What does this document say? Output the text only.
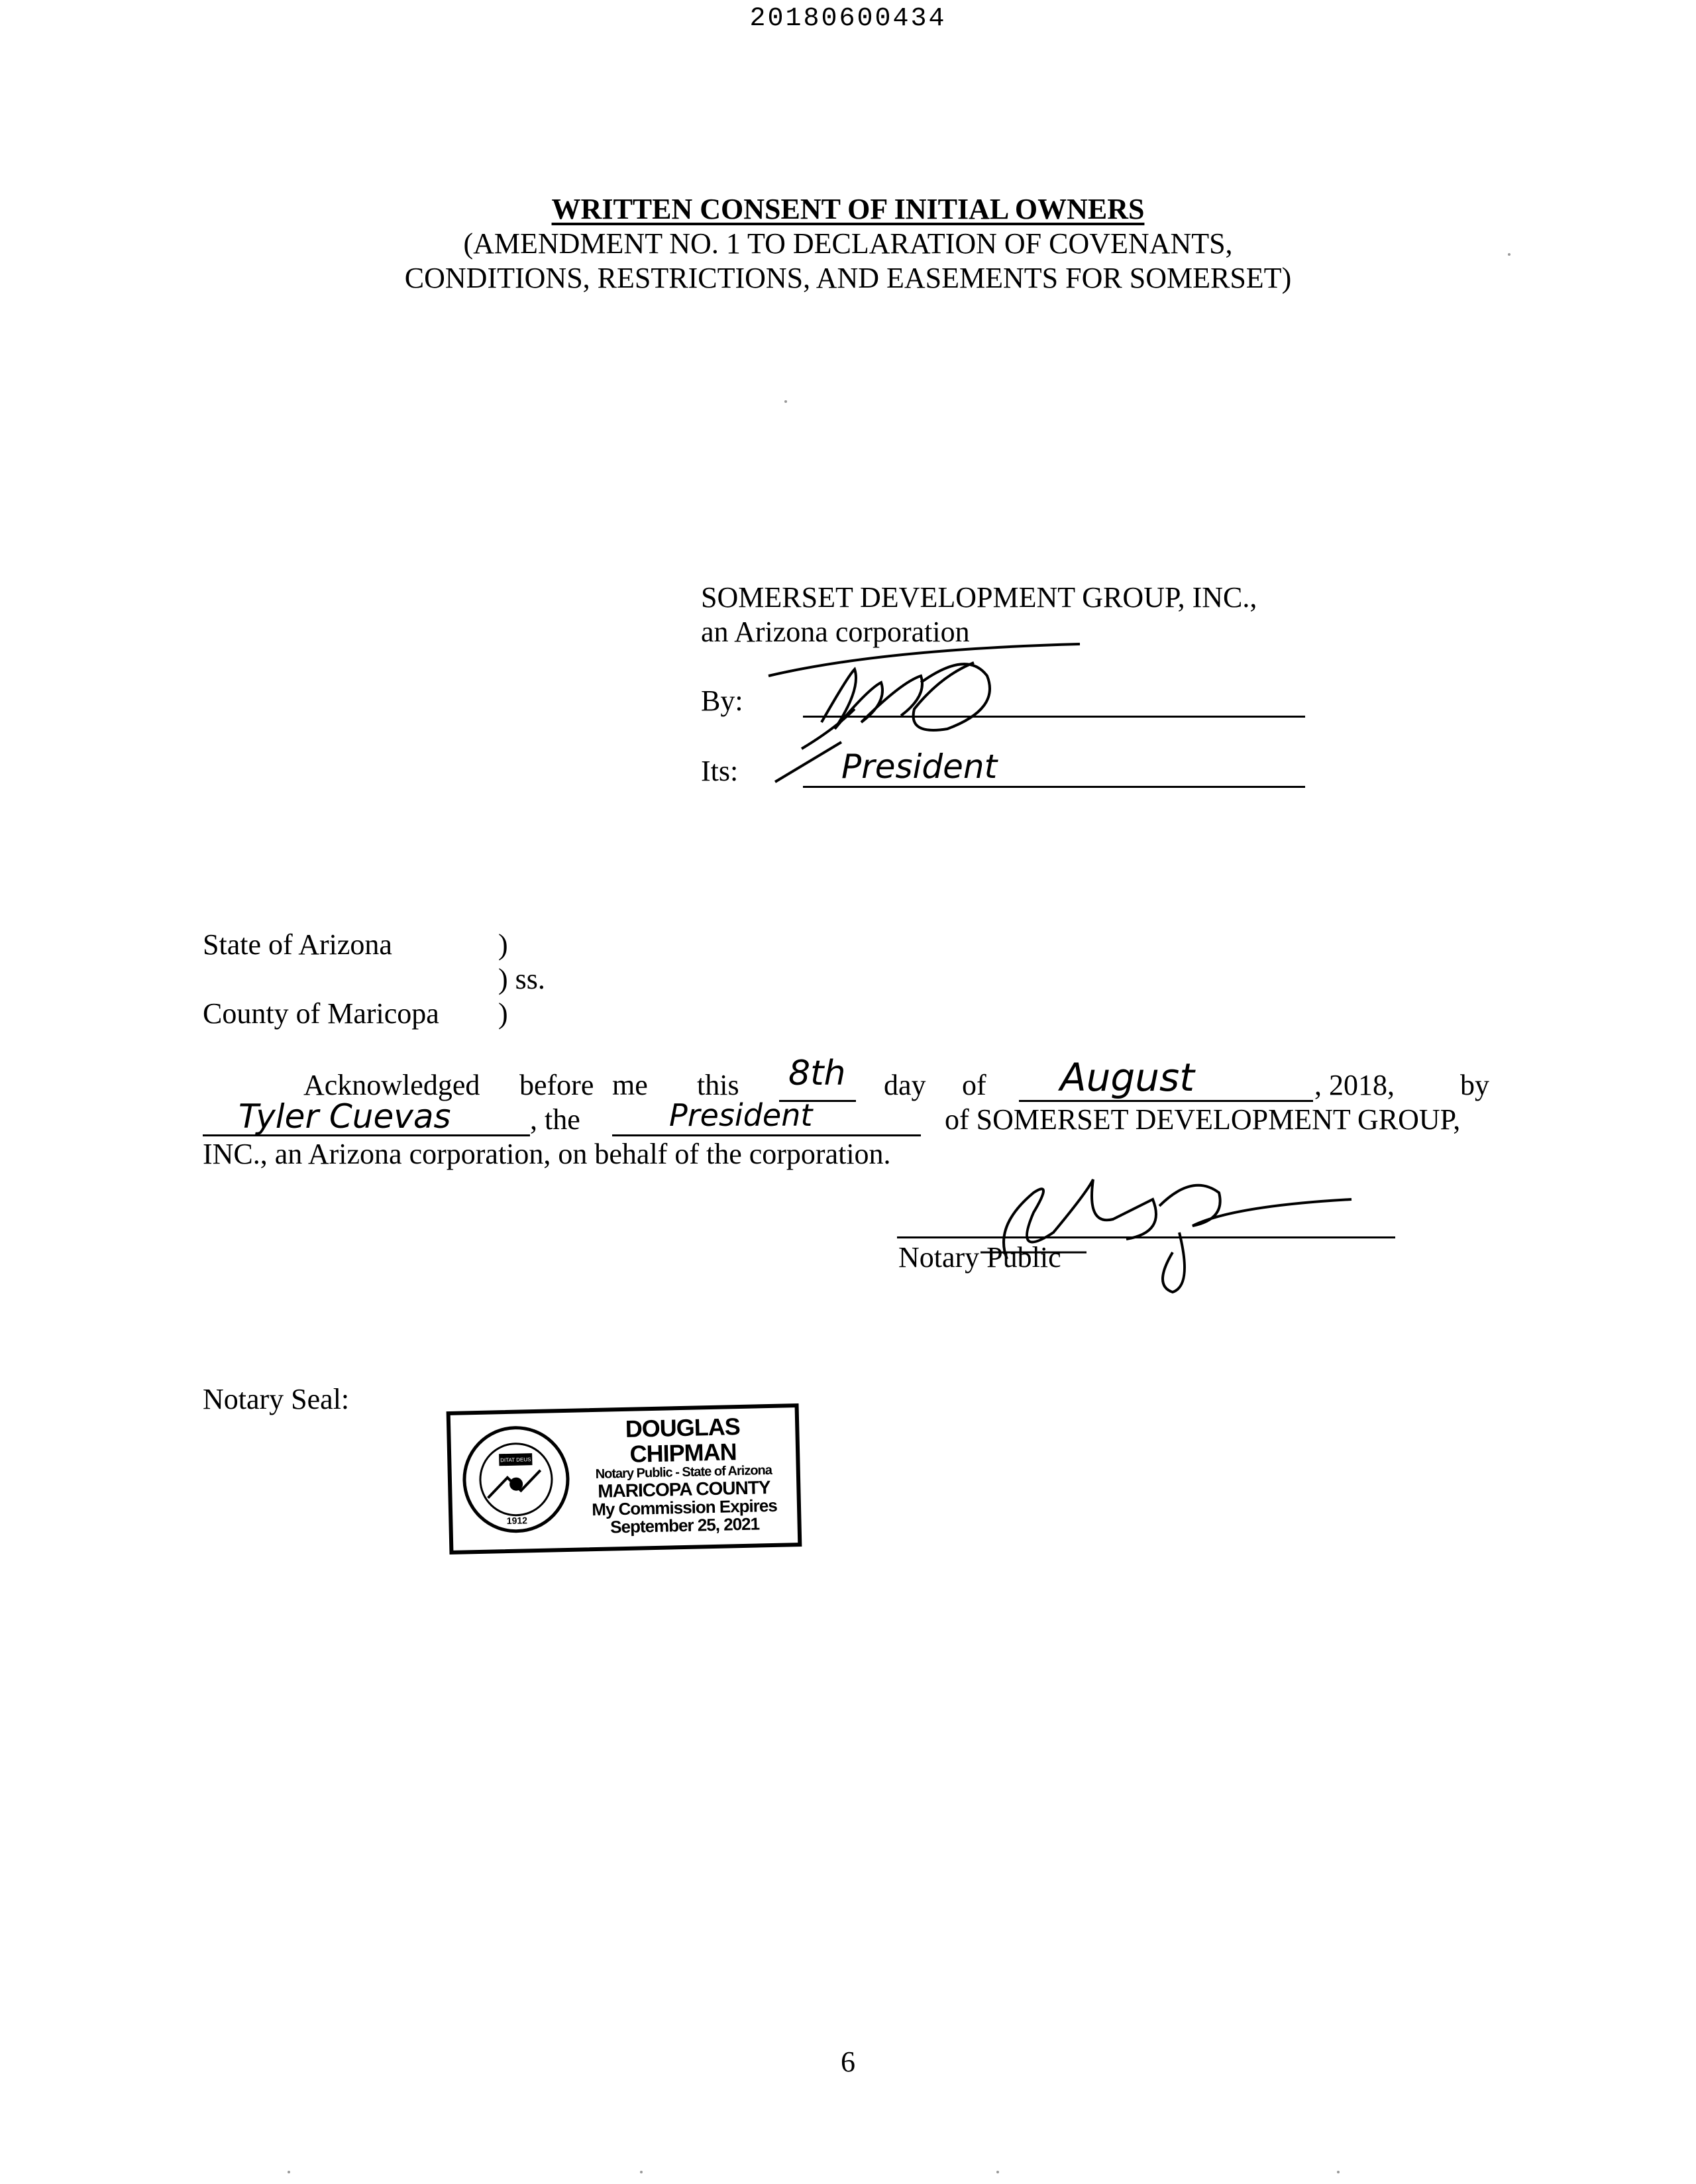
20180600434
WRITTEN CONSENT OF INITIAL OWNERS
(AMENDMENT NO. 1 TO DECLARATION OF COVENANTS,
CONDITIONS, RESTRICTIONS, AND EASEMENTS FOR SOMERSET)
SOMERSET DEVELOPMENT GROUP, INC.,
an Arizona corporation
By:
Its:	President
State of Arizona	)
) ss.
County of Maricopa )
Acknowledged before me this 8th day of August	, 2018, by
Tyler Cuevas	, the	President	of SOMERSET DEVELOPMENT GROUP,
INC., an Arizona corporation, on behalf of the corporation.
Notary Public
Notary Seal:
1912
DITAT DEUS
DOUGLAS CHIPMAN
Notary Public - State of Arizona
MARICOPA COUNTY
My Commission Expires
September 25, 2021
6
